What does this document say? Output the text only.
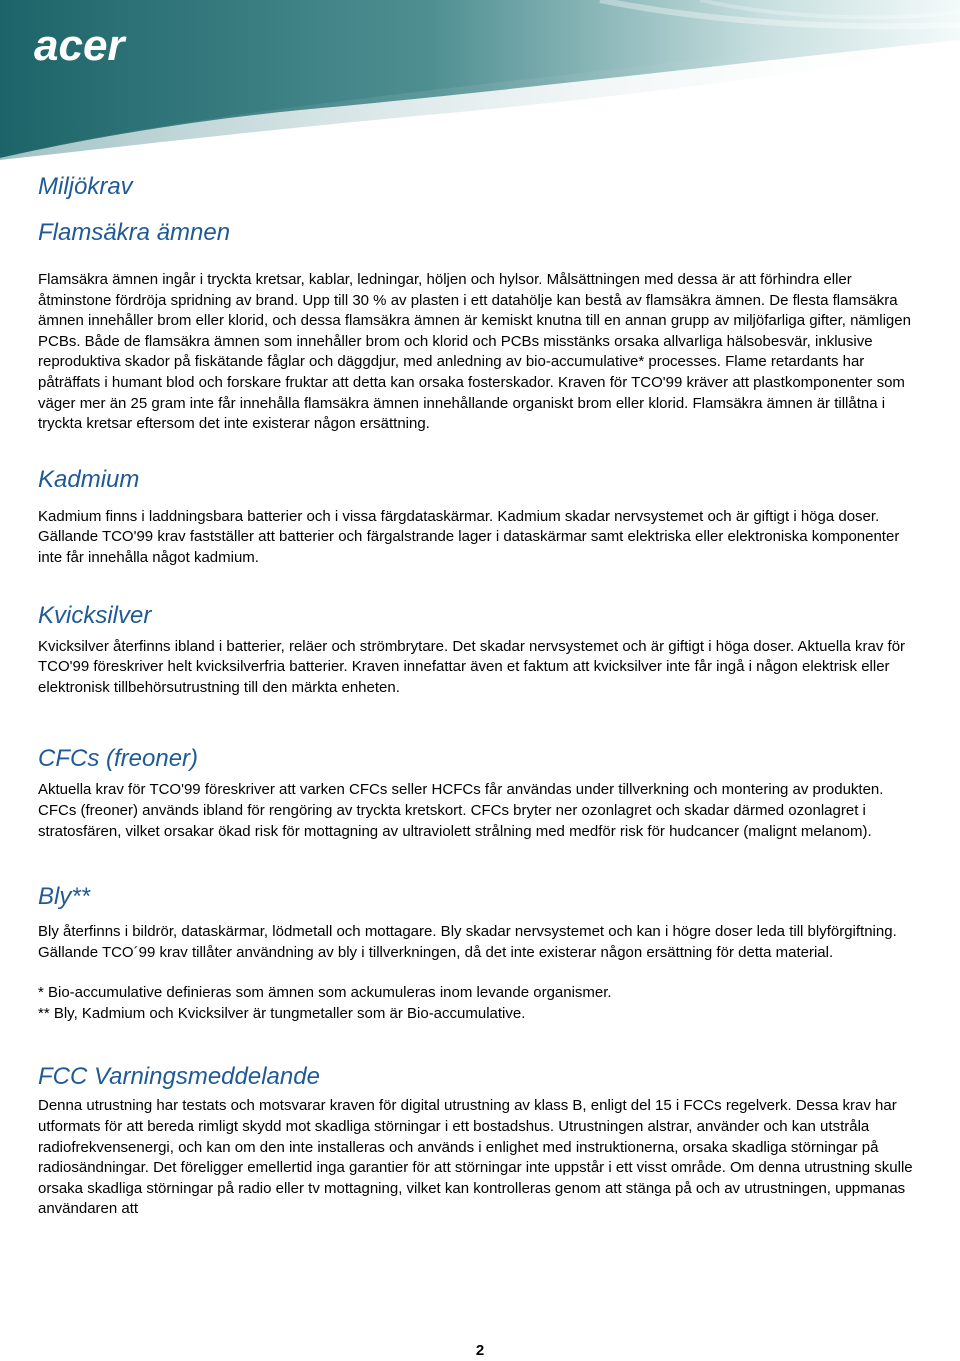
acer
Miljökrav
Flamsäkra ämnen

Flamsäkra ämnen ingår i tryckta kretsar, kablar, ledningar, höljen och hylsor. Målsättningen med dessa är att förhindra eller åtminstone fördröja spridning av brand. Upp till 30 % av plasten i ett datahölje kan bestå av flamsäkra ämnen. De flesta flamsäkra ämnen innehåller brom eller klorid, och dessa flamsäkra ämnen är kemiskt knutna till en annan grupp av miljöfarliga gifter, nämligen PCBs. Både de flamsäkra ämnen som innehåller brom och klorid och PCBs misstänks orsaka allvarliga hälsobesvär, inklusive reproduktiva skador på fiskätande fåglar och däggdjur, med anledning av bio-accumulative* processes. Flame retardants har påträffats i humant blod och forskare fruktar att detta kan orsaka fosterskador. Kraven för TCO'99 kräver att plastkomponenter som väger mer än 25 gram inte får innehålla flamsäkra ämnen innehållande organiskt brom eller klorid. Flamsäkra ämnen är tillåtna i tryckta kretsar eftersom det inte existerar någon ersättning.

Kadmium

Kadmium finns i laddningsbara batterier och i vissa färgdataskärmar. Kadmium skadar nervsystemet och är giftigt i höga doser.

Gällande TCO'99 krav fastställer att batterier och färgalstrande lager i dataskärmar samt elektriska eller elektroniska komponenter inte får innehålla något kadmium.

Kvicksilver

Kvicksilver återfinns ibland i batterier, reläer och strömbrytare. Det skadar nervsystemet och är giftigt i höga doser. Aktuella krav för TCO'99 föreskriver helt kvicksilverfria batterier. Kraven innefattar även et faktum att kvicksilver inte får ingå i någon elektrisk eller elektronisk tillbehörsutrustning till den märkta enheten.

CFCs (freoner)

Aktuella krav för TCO'99 föreskriver att varken CFCs seller HCFCs får användas under tillverkning och montering av produkten.

CFCs (freoner) används ibland för rengöring av tryckta kretskort. CFCs bryter ner ozonlagret och skadar därmed ozonlagret i stratosfären, vilket orsakar ökad risk för mottagning av ultraviolett strålning med medför risk för hudcancer (malignt melanom).

Bly**

Bly återfinns i bildrör, dataskärmar, lödmetall och mottagare. Bly skadar nervsystemet och kan i högre doser leda till blyförgiftning.

Gällande TCO´99 krav tillåter användning av bly i tillverkningen, då det inte existerar någon ersättning för detta material.

* Bio-accumulative definieras som ämnen som ackumuleras inom levande organismer.

** Bly, Kadmium och Kvicksilver är tungmetaller som är Bio-accumulative.

FCC Varningsmeddelande

Denna utrustning har testats och motsvarar kraven för digital utrustning av klass B, enligt del 15 i FCCs regelverk. Dessa krav har utformats för att bereda rimligt skydd mot skadliga störningar i ett bostadshus. Utrustningen alstrar, använder och kan utstråla radiofrekvensenergi, och kan om den inte installeras och används i enlighet med instruktionerna, orsaka skadliga störningar på radiosändningar. Det föreligger emellertid inga garantier för att störningar inte uppstår i ett visst område. Om denna utrustning skulle orsaka skadliga störningar på radio eller tv mottagning, vilket kan kontrolleras genom att stänga på och av utrustningen, uppmanas användaren att

2
